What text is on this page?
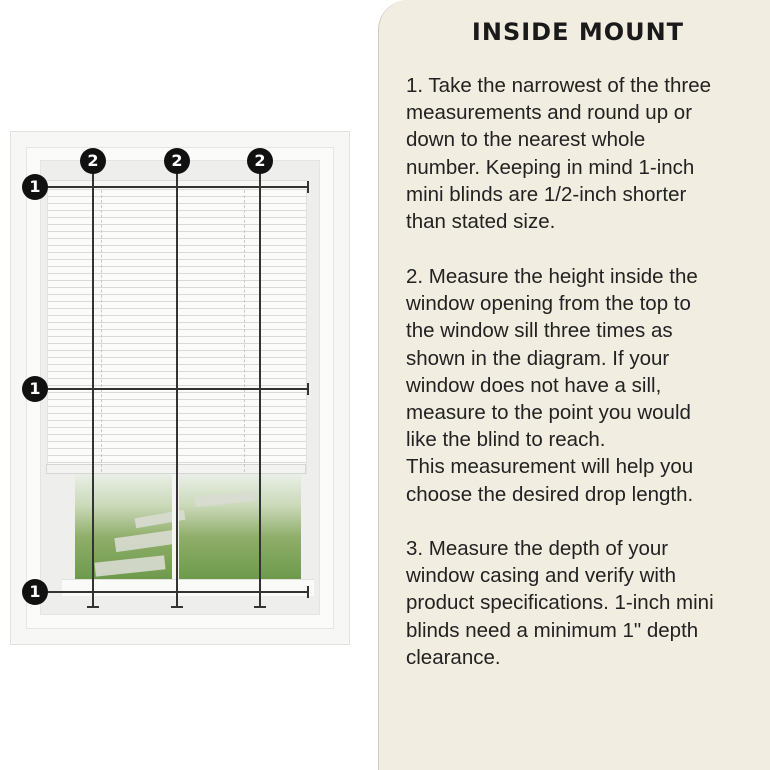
1
1
1
2	2	2
INSIDE MOUNT
1. Take the narrowest of the three
measurements and round up or
down to the nearest whole
number. Keeping in mind 1-inch
mini blinds are 1/2-inch shorter
than stated size.
2. Measure the height inside the
window opening from the top to
the window sill three times as
shown in the diagram. If your
window does not have a sill,
measure to the point you would
like the blind to reach.
This measurement will help you
choose the desired drop length.
3. Measure the depth of your
window casing and verify with
product specifications. 1-inch mini
blinds need a minimum 1" depth
clearance.
